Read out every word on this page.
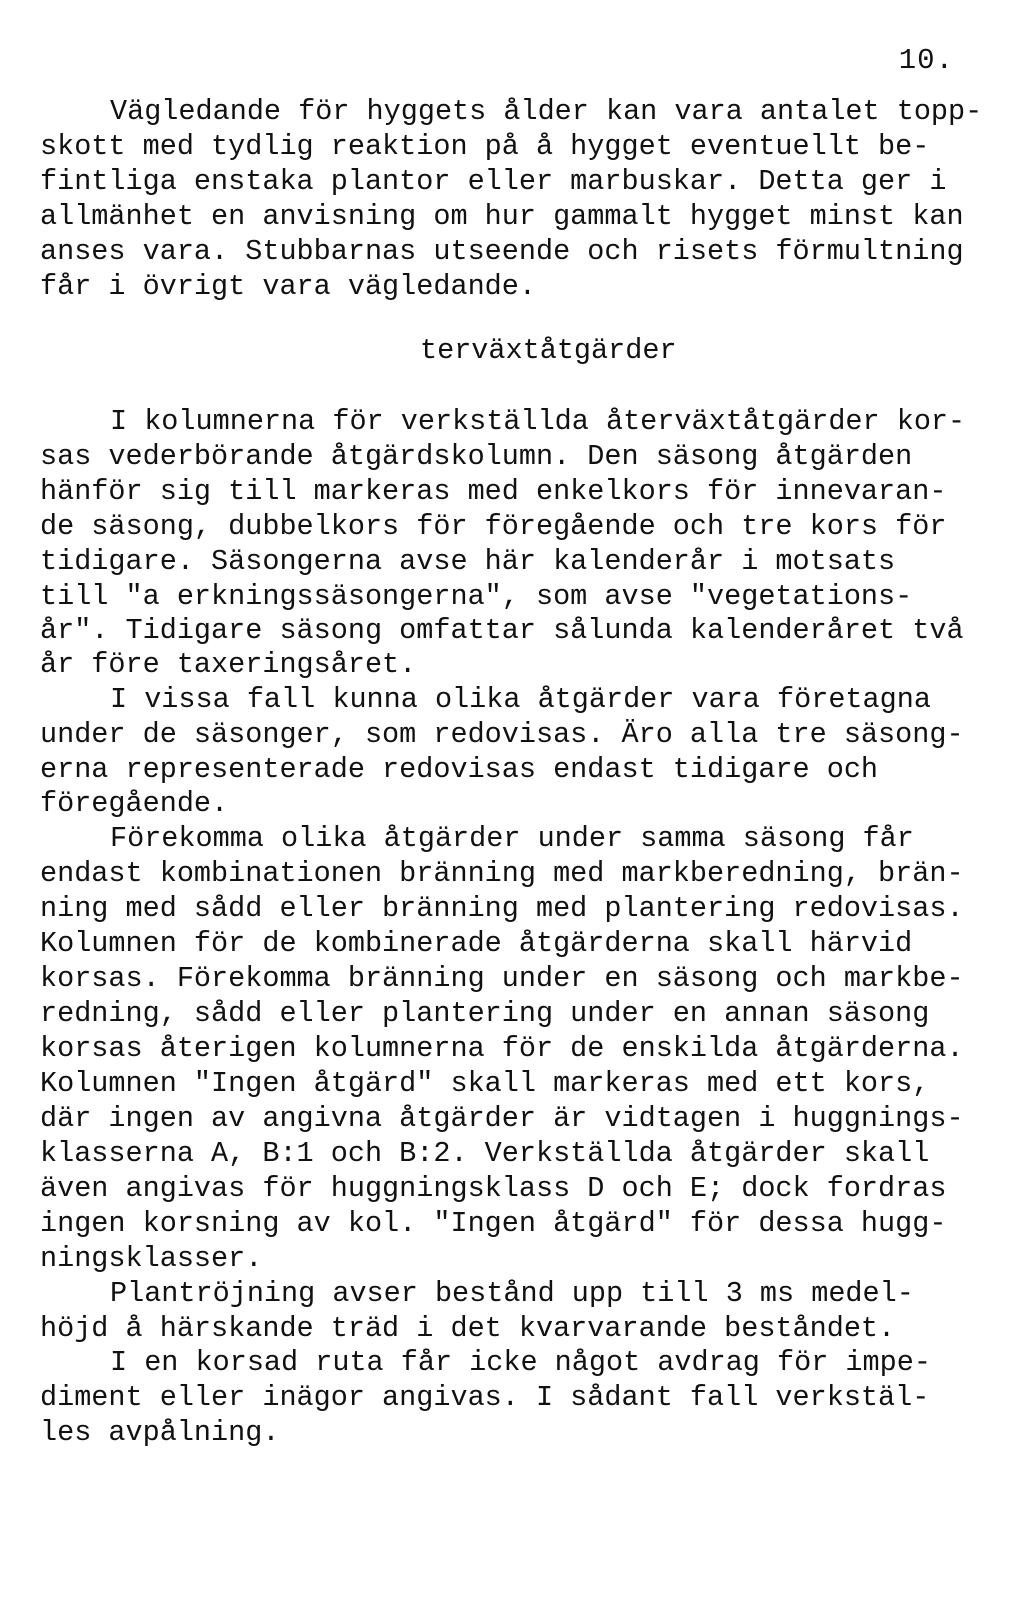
10.
Vägledande för hyggets ålder kan vara antalet topp-
skott med tydlig reaktion på å hygget eventuellt be-
fintliga enstaka plantor eller marbuskar. Detta ger i
allmänhet en anvisning om hur gammalt hygget minst kan
anses vara. Stubbarnas utseende och risets förmultning
får i övrigt vara vägledande.
terväxtåtgärder
I kolumnerna för verkställda återväxtåtgärder kor-
sas vederbörande åtgärdskolumn. Den säsong åtgärden
hänför sig till markeras med enkelkors för innevaran-
de säsong, dubbelkors för föregående och tre kors för
tidigare. Säsongerna avse här kalenderår i motsats
till "a erkningssäsongerna", som avse "vegetations-
år". Tidigare säsong omfattar sålunda kalenderåret två
år före taxeringsåret.
I vissa fall kunna olika åtgärder vara företagna
under de säsonger, som redovisas. Äro alla tre säsong-
erna representerade redovisas endast tidigare och
föregående.
Förekomma olika åtgärder under samma säsong får
endast kombinationen bränning med markberedning, brän-
ning med sådd eller bränning med plantering redovisas.
Kolumnen för de kombinerade åtgärderna skall härvid
korsas. Förekomma bränning under en säsong och markbe-
redning, sådd eller plantering under en annan säsong
korsas återigen kolumnerna för de enskilda åtgärderna.
Kolumnen "Ingen åtgärd" skall markeras med ett kors,
där ingen av angivna åtgärder är vidtagen i huggnings-
klasserna A, B:1 och B:2. Verkställda åtgärder skall
även angivas för huggningsklass D och E; dock fordras
ingen korsning av kol. "Ingen åtgärd" för dessa hugg-
ningsklasser.
Plantröjning avser bestånd upp till 3 ms medel-
höjd å härskande träd i det kvarvarande beståndet.
I en korsad ruta får icke något avdrag för impe-
diment eller inägor angivas. I sådant fall verkstäl-
les avpålning.
